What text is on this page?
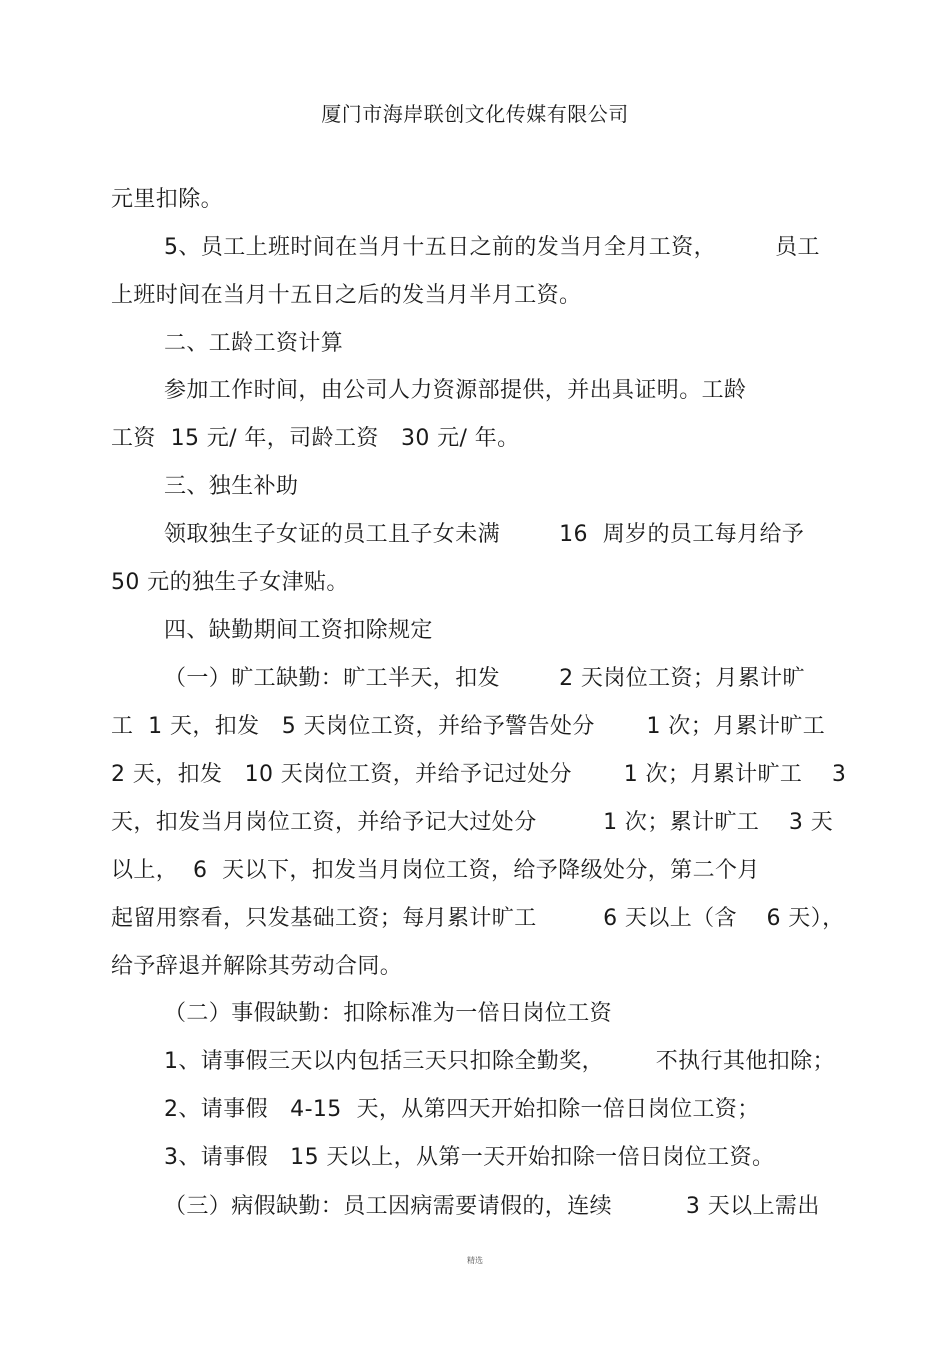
厦门市海岸联创文化传媒有限公司
元里扣除。
5、员工上班时间在当月十五日之前的发当月全月工资，        员工
上班时间在当月十五日之后的发当月半月工资。
二、工龄工资计算
参加工作时间，由公司人力资源部提供，并出具证明。工龄
工资  15 元/ 年，司龄工资   30 元/ 年。
三、独生补助
领取独生子女证的员工且子女未满        16  周岁的员工每月给予
50 元的独生子女津贴。
四、缺勤期间工资扣除规定
（一）旷工缺勤：旷工半天，扣发        2 天岗位工资；月累计旷
工  1 天，扣发   5 天岗位工资，并给予警告处分       1 次；月累计旷工
2 天，扣发   10 天岗位工资，并给予记过处分       1 次；月累计旷工    3
天，扣发当月岗位工资，并给予记大过处分         1 次；累计旷工    3 天
以上，  6  天以下，扣发当月岗位工资，给予降级处分，第二个月
起留用察看，只发基础工资；每月累计旷工         6 天以上（含    6 天），
给予辞退并解除其劳动合同。
（二）事假缺勤：扣除标准为一倍日岗位工资
1、请事假三天以内包括三天只扣除全勤奖，       不执行其他扣除；
2、请事假   4-15  天，从第四天开始扣除一倍日岗位工资；
3、请事假   15 天以上，从第一天开始扣除一倍日岗位工资。
（三）病假缺勤：员工因病需要请假的，连续          3 天以上需出
精选
